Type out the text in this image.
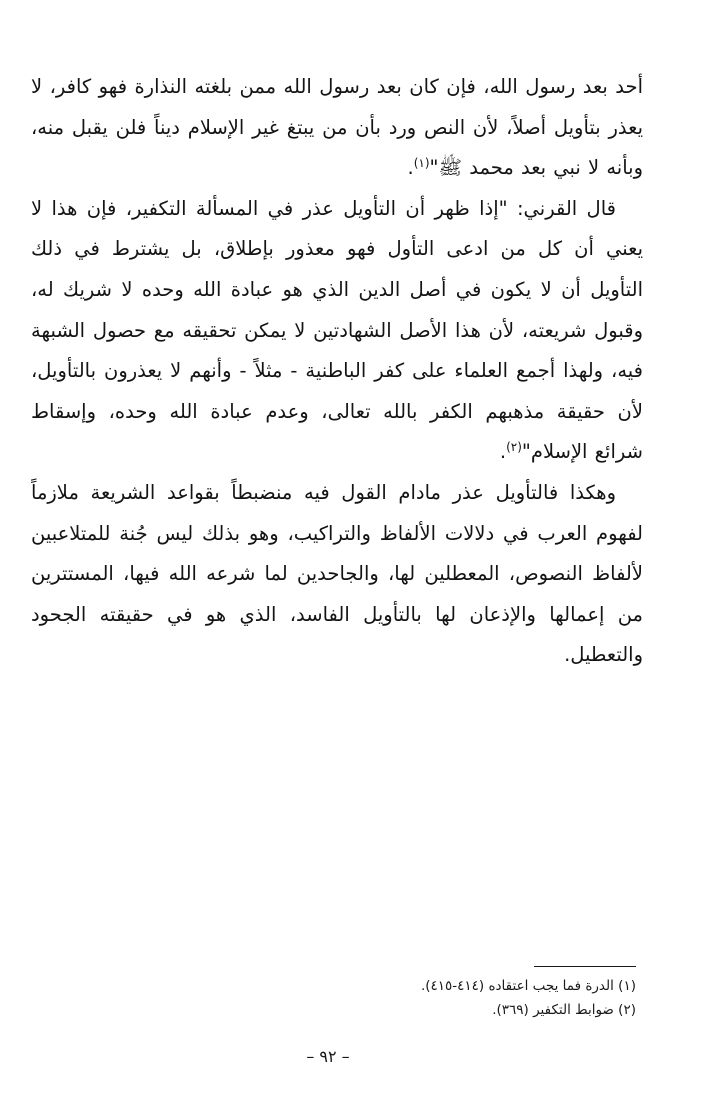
أحد بعد رسول الله، فإن كان بعد رسول الله ممن بلغته النذارة فهو كافر، لا يعذر بتأويل أصلاً، لأن النص ورد بأن من يبتغ غير الإسلام ديناً فلن يقبل منه، وبأنه لا نبي بعد محمد ﷺ"$^{(١)}$.

قال القرني: "إذا ظهر أن التأويل عذر في المسألة التكفير، فإن هذا لا يعني أن كل من ادعى التأول فهو معذور بإطلاق، بل يشترط في ذلك التأويل أن لا يكون في أصل الدين الذي هو عبادة الله وحده لا شريك له، وقبول شريعته، لأن هذا الأصل الشهادتين لا يمكن تحقيقه مع حصول الشبهة فيه، ولهذا أجمع العلماء على كفر الباطنية - مثلاً - وأنهم لا يعذرون بالتأويل، لأن حقيقة مذهبهم الكفر بالله تعالى، وعدم عبادة الله وحده، وإسقاط شرائع الإسلام"$^{(٢)}$.

وهكذا فالتأويل عذر مادام القول فيه منضبطاً بقواعد الشريعة ملازماً لفهوم العرب في دلالات الألفاظ والتراكيب، وهو بذلك ليس جُنة للمتلاعبين لألفاظ النصوص، المعطلين لها، والجاحدين لما شرعه الله فيها، المستترين من إعمالها والإذعان لها بالتأويل الفاسد، الذي هو في حقيقته الجحود والتعطيل.

(١) الدرة فما يجب اعتقاده (٤١٤-٤١٥).
(٢) ضوابط التكفير (٣٦٩).
– ٩٢ –
